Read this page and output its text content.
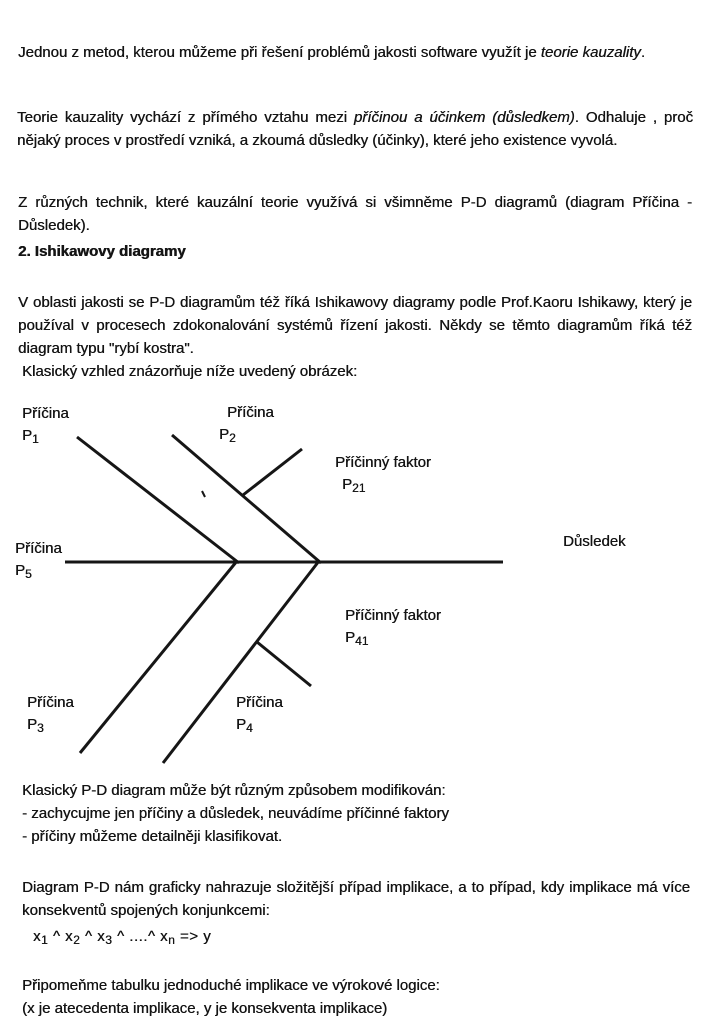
Jednou z metod, kterou můžeme při řešení problémů jakosti software využít je teorie kauzality.

Teorie kauzality vychází z přímého vztahu mezi příčinou a účinkem (důsledkem). Odhaluje , proč nějaký proces v prostředí vzniká, a zkoumá důsledky (účinky), které jeho existence vyvolá.

Z různých technik, které kauzální teorie využívá si všimněme P-D diagramů (diagram Příčina - Důsledek).

2. Ishikawovy diagramy

V oblasti jakosti se P-D diagramům též říká Ishikawovy diagramy podle Prof.Kaoru Ishikawy, který je používal v procesech zdokonalování systémů řízení jakosti. Někdy se těmto diagramům říká též diagram typu "rybí kostra".

Klasický vzhled znázorňuje níže uvedený obrázek:

Příčina
$P_1$
Příčina
$P_2$
Příčinný faktor
$P_{21}$
Příčina
$P_5$
Důsledek
Příčinný faktor
$P_{41}$
Příčina
$P_3$
Příčina
$P_4$
Klasický P-D diagram může být různým způsobem modifikován:
- zachycujme jen příčiny a důsledek, neuvádíme příčinné faktory
- příčiny můžeme detailněji klasifikovat.

Diagram P-D nám graficky nahrazuje složitější případ implikace, a to případ, kdy implikace má více konsekventů spojených konjunkcemi:

$x_1$ ^ $x_2$ ^ $x_3$ ^ ....^ $x_n => y$
Připomeňme tabulku jednoduché implikace ve výrokové logice:
(x je atecedenta implikace, y je konsekventa implikace)
